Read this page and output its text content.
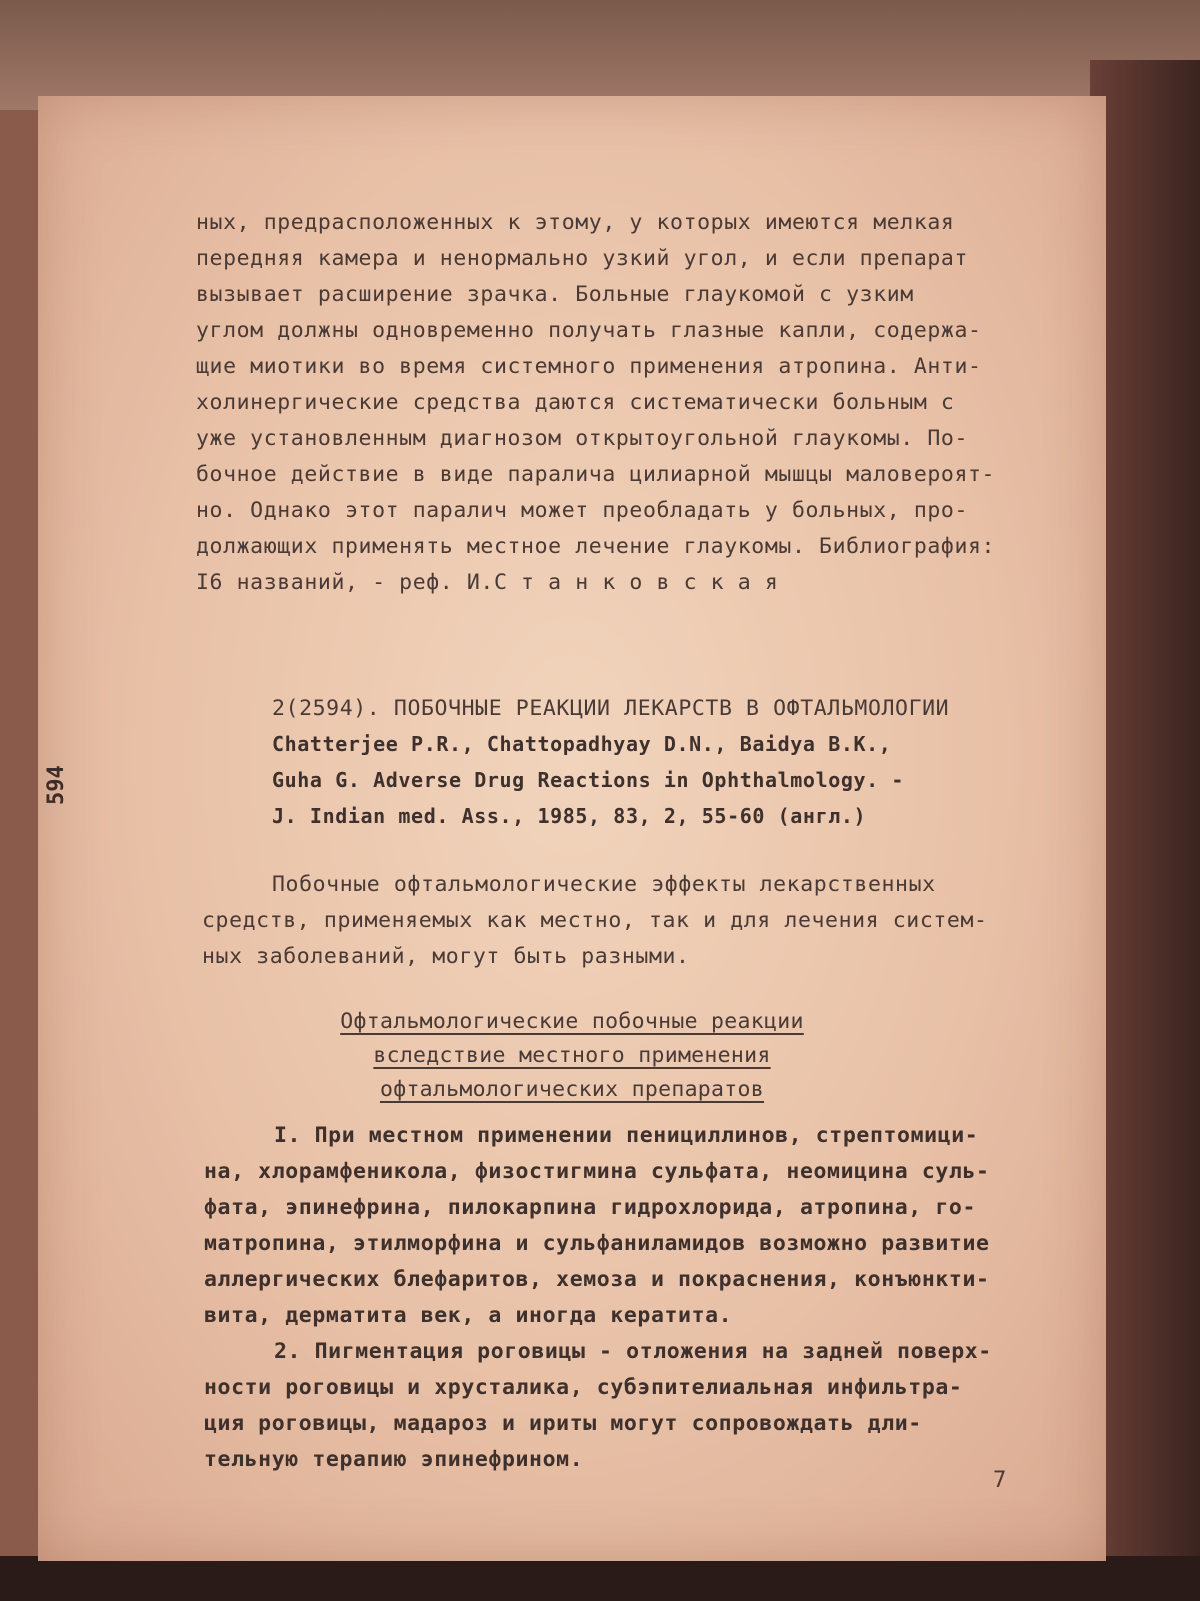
ных, предрасположенных к этому, у которых имеются мелкая
передняя камера и ненормально узкий угол, и если препарат
вызывает расширение зрачка. Больные глаукомой с узким
углом должны одновременно получать глазные капли, содержа-
щие миотики во время системного применения атропина. Анти-
холинергические средства даются систематически больным с
уже установленным диагнозом открытоугольной глаукомы. По-
бочное действие в виде паралича цилиарной мышцы маловероят-
но. Однако этот паралич может преобладать у больных, про-
должающих применять местное лечение глаукомы. Библиография:
I6 названий, - реф. И.С т а н к о в с к а я
2(2594). ПОБОЧНЫЕ РЕАКЦИИ ЛЕКАРСТВ В ОФТАЛЬМОЛОГИИ
Chatterjee P.R., Chattopadhyay D.N., Baidya B.K.,
Guha G. Adverse Drug Reactions in Ophthalmology. -
J. Indian med. Ass., 1985, 83, 2, 55-60 (англ.)
Побочные офтальмологические эффекты лекарственных
средств, применяемых как местно, так и для лечения систем-
ных заболеваний, могут быть разными.
Офтальмологические побочные реакции
вследствие местного применения
офтальмологических препаратов
I. При местном применении пенициллинов, стрептомици-
на, хлорамфеникола, физостигмина сульфата, неомицина суль-
фата, эпинефрина, пилокарпина гидрохлорида, атропина, го-
матропина, этилморфина и сульфаниламидов возможно развитие
аллергических блефаритов, хемоза и покраснения, конъюнкти-
вита, дерматита век, а иногда кератита.
2. Пигментация роговицы - отложения на задней поверх-
ности роговицы и хрусталика, субэпителиальная инфильтра-
ция роговицы, мадароз и ириты могут сопровождать дли-
тельную терапию эпинефрином.
7
594
